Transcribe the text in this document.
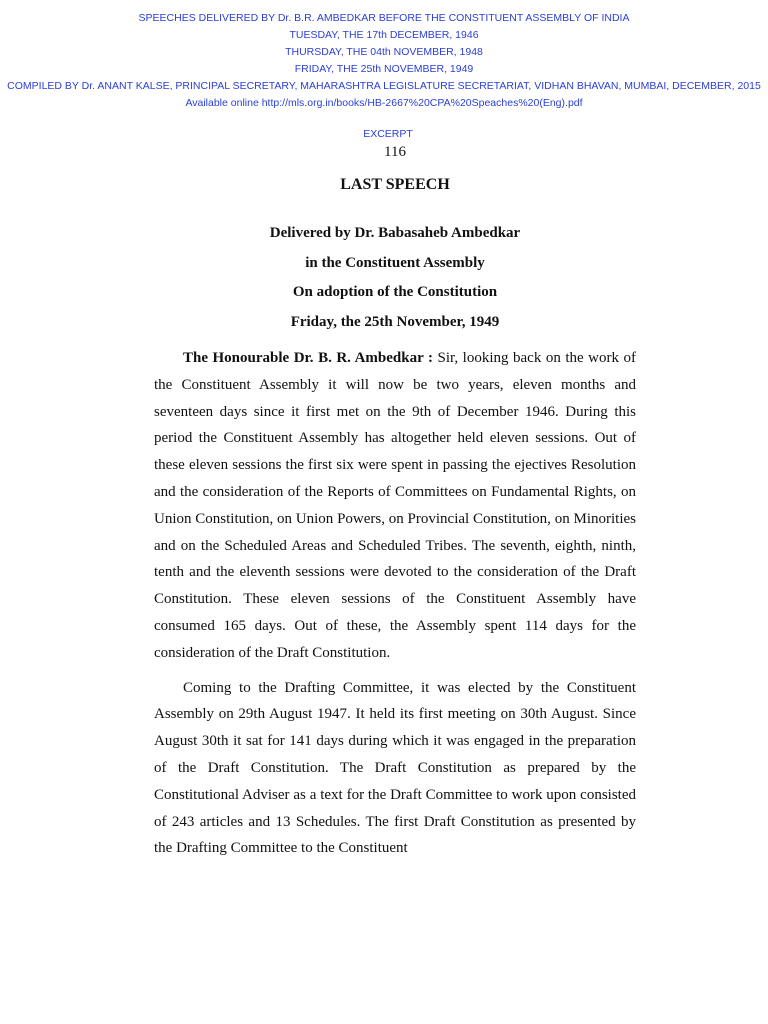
SPEECHES DELIVERED BY Dr. B.R. AMBEDKAR BEFORE THE CONSTITUENT ASSEMBLY OF INDIA
TUESDAY, THE 17th DECEMBER, 1946
THURSDAY, THE 04th NOVEMBER, 1948
FRIDAY, THE 25th NOVEMBER, 1949
COMPILED BY Dr. ANANT KALSE, PRINCIPAL SECRETARY, MAHARASHTRA LEGISLATURE SECRETARIAT, VIDHAN BHAVAN, MUMBAI, DECEMBER, 2015
Available online http://mls.org.in/books/HB-2667%20CPA%20Speaches%20(Eng).pdf
EXCERPT
116
LAST SPEECH
Delivered by Dr. Babasaheb Ambedkar
in the Constituent Assembly
On adoption of the Constitution
Friday, the 25th November, 1949

The Honourable Dr. B. R. Ambedkar : Sir, looking back on the work of the Constituent Assembly it will now be two years, eleven months and seventeen days since it first met on the 9th of December 1946. During this period the Constituent Assembly has altogether held eleven sessions. Out of these eleven sessions the first six were spent in passing the ejectives Resolution and the consideration of the Reports of Committees on Fundamental Rights, on Union Constitution, on Union Powers, on Provincial Constitution, on Minorities and on the Scheduled Areas and Scheduled Tribes. The seventh, eighth, ninth, tenth and the eleventh sessions were devoted to the consideration of the Draft Constitution. These eleven sessions of the Constituent Assembly have consumed 165 days. Out of these, the Assembly spent 114 days for the consideration of the Draft Constitution.

Coming to the Drafting Committee, it was elected by the Constituent Assembly on 29th August 1947. It held its first meeting on 30th August. Since August 30th it sat for 141 days during which it was engaged in the preparation of the Draft Constitution. The Draft Constitution as prepared by the Constitutional Adviser as a text for the Draft Committee to work upon consisted of 243 articles and 13 Schedules. The first Draft Constitution as presented by the Drafting Committee to the Constituent
